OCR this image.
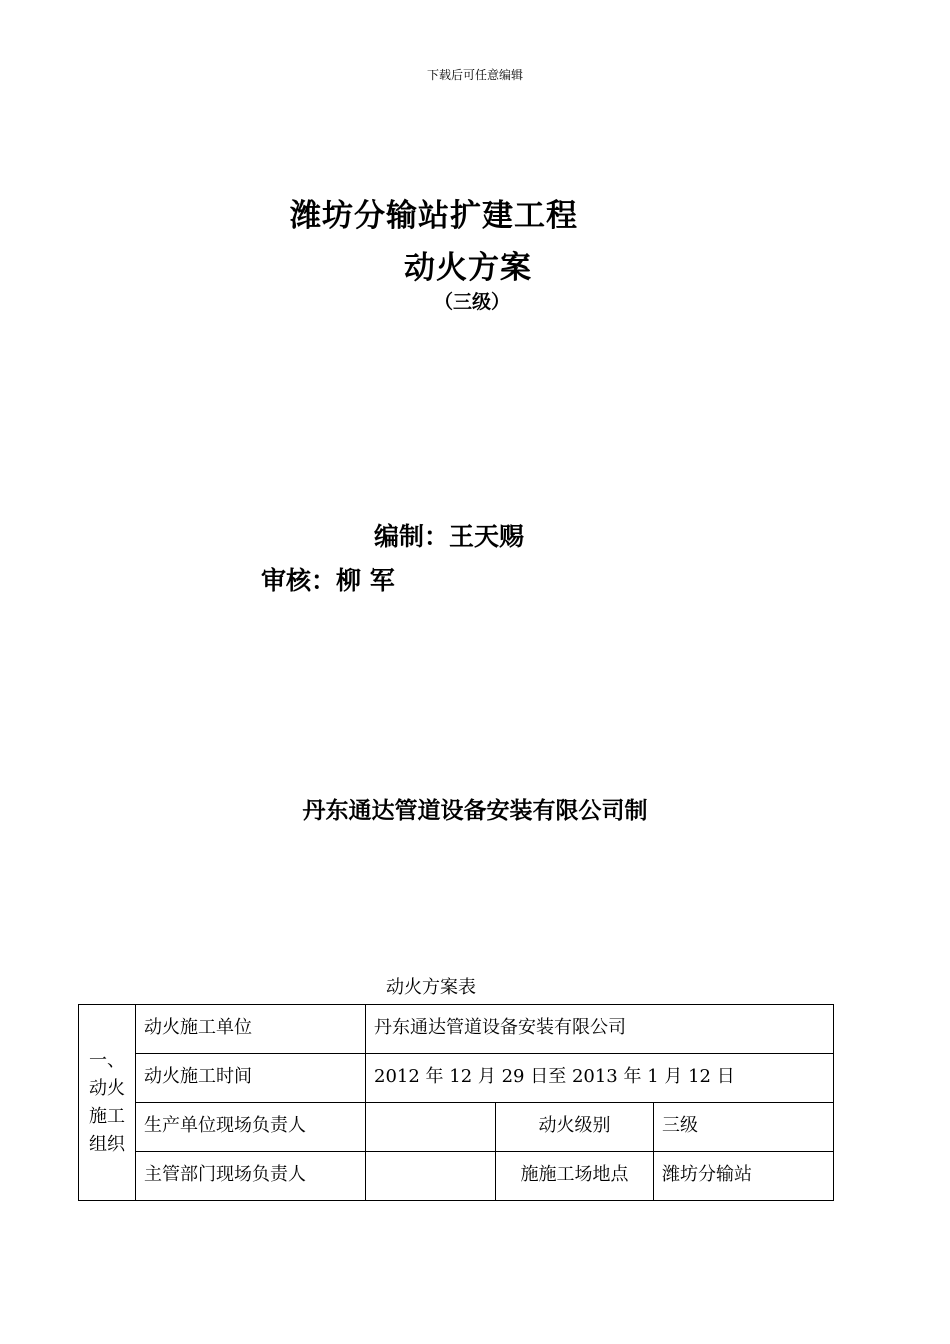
下载后可任意编辑
潍坊分输站扩建工程
动火方案
（三级）
编制：王天赐
审核：柳 军
丹东通达管道设备安装有限公司制
动火方案表
一、
动火
施工
组织	动火施工单位	丹东通达管道设备安装有限公司		
	动火施工时间	2012 年 12 月 29 日至 2013 年 1 月 12 日		
	生产单位现场负责人		动火级别	三级
	主管部门现场负责人		施施工场地点	潍坊分输站
